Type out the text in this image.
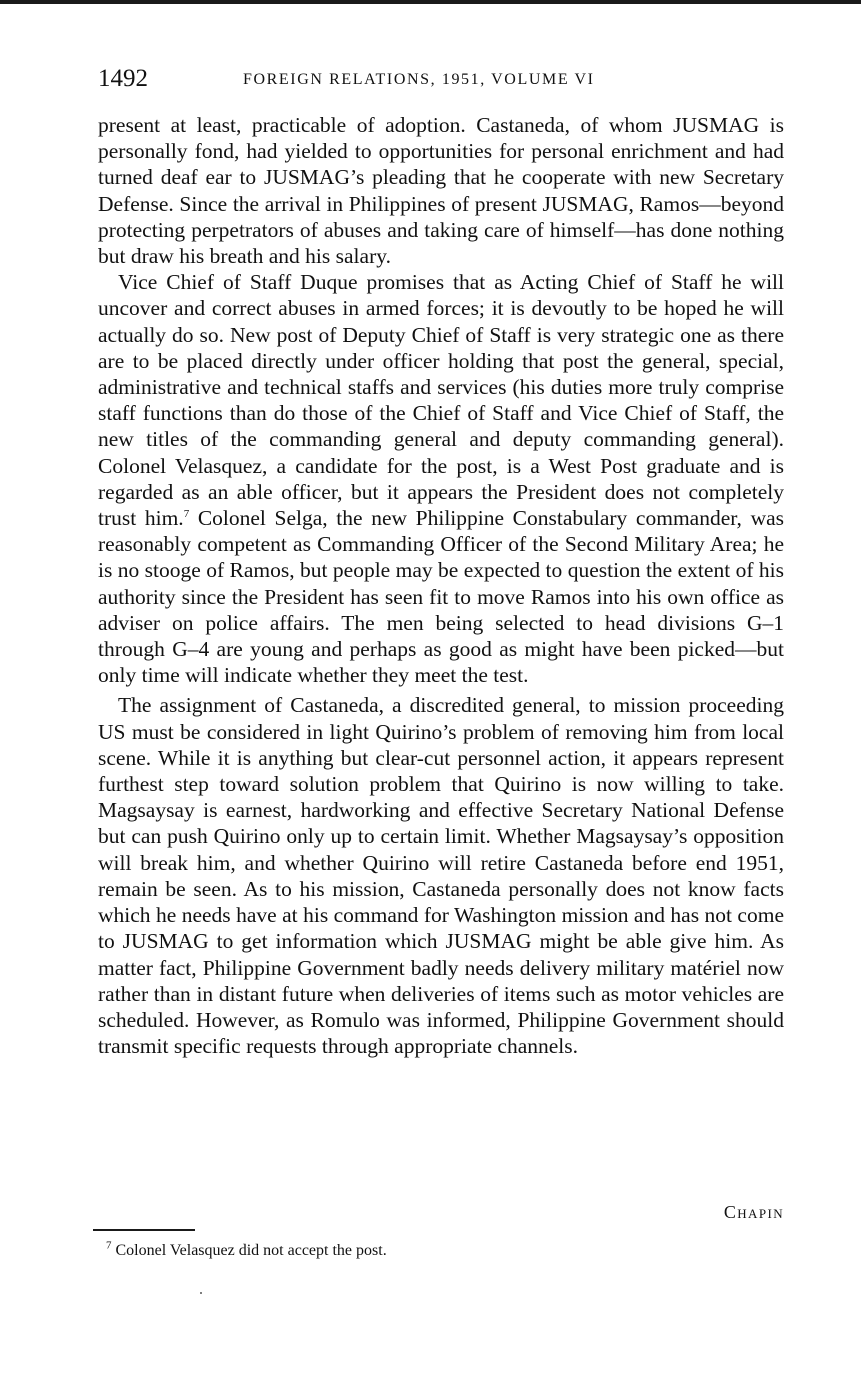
1492	FOREIGN RELATIONS, 1951, VOLUME VI

present at least, practicable of adoption. Castaneda, of whom JUSMAG is personally fond, had yielded to opportunities for personal enrichment and had turned deaf ear to JUSMAG’s pleading that he cooperate with new Secretary Defense. Since the arrival in Philippines of present JUSMAG, Ramos—beyond protecting perpetrators of abuses and taking care of himself—has done nothing but draw his breath and his salary.

Vice Chief of Staff Duque promises that as Acting Chief of Staff he will uncover and correct abuses in armed forces; it is devoutly to be hoped he will actually do so. New post of Deputy Chief of Staff is very strategic one as there are to be placed directly under officer holding that post the general, special, administrative and technical staffs and services (his duties more truly comprise staff functions than do those of the Chief of Staff and Vice Chief of Staff, the new titles of the commanding general and deputy commanding general). Colonel Velasquez, a candidate for the post, is a West Post graduate and is regarded as an able officer, but it appears the President does not completely trust him.$^7$ Colonel Selga, the new Philippine Constabulary commander, was reasonably competent as Commanding Officer of the Second Military Area; he is no stooge of Ramos, but people may be expected to question the extent of his authority since the President has seen fit to move Ramos into his own office as adviser on police affairs. The men being selected to head divisions G–1 through G–4 are young and perhaps as good as might have been picked—but only time will indicate whether they meet the test.

The assignment of Castaneda, a discredited general, to mission proceeding US must be considered in light Quirino’s problem of removing him from local scene. While it is anything but clear-cut personnel action, it appears represent furthest step toward solution problem that Quirino is now willing to take. Magsaysay is earnest, hardworking and effective Secretary National Defense but can push Quirino only up to certain limit. Whether Magsaysay’s opposition will break him, and whether Quirino will retire Castaneda before end 1951, remain be seen. As to his mission, Castaneda personally does not know facts which he needs have at his command for Washington mission and has not come to JUSMAG to get information which JUSMAG might be able give him. As matter fact, Philippine Government badly needs delivery military matériel now rather than in distant future when deliveries of items such as motor vehicles are scheduled. However, as Romulo was informed, Philippine Government should transmit specific requests through appropriate channels.

Chapin
$^7$ Colonel Velasquez did not accept the post.
